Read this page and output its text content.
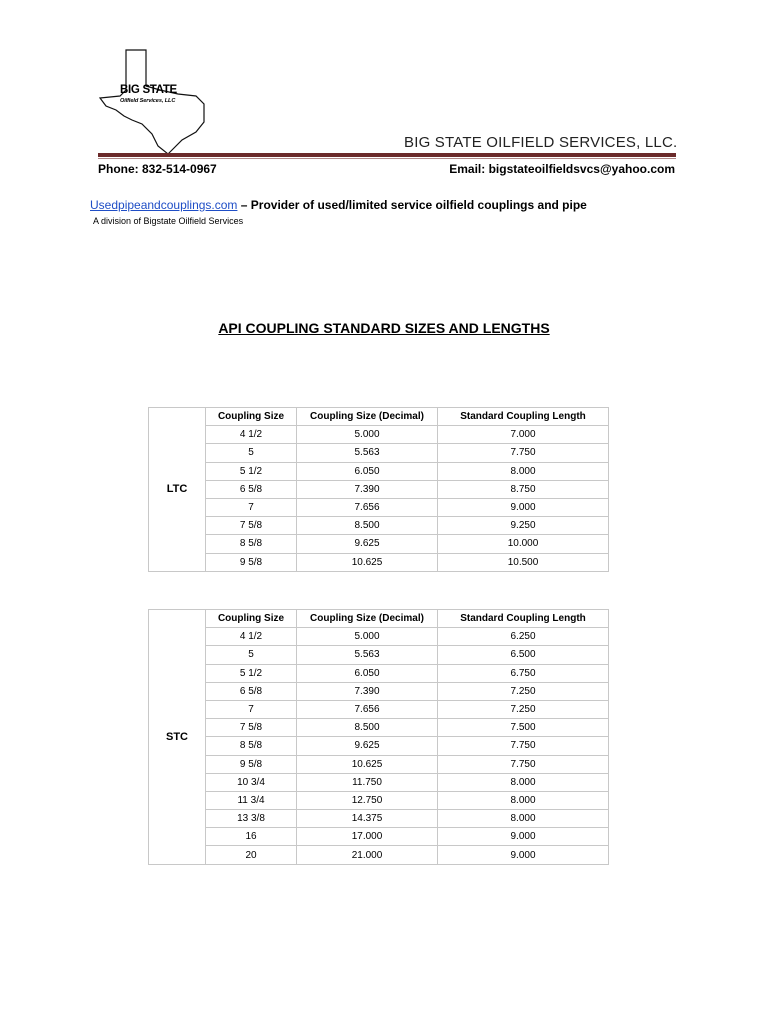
BIG STATE
Oilfield Services, LLC
BIG STATE OILFIELD SERVICES, LLC.
Phone: 832-514-0967	Email: bigstateoilfieldsvcs@yahoo.com
Usedpipeandcouplings.com – Provider of used/limited service oilfield couplings and pipe
A division of Bigstate Oilfield Services
API COUPLING STANDARD SIZES AND LENGTHS
LTC	Coupling Size	Coupling Size (Decimal)	Standard Coupling Length
	4 1/2	5.000	7.000
	5	5.563	7.750
	5 1/2	6.050	8.000
	6 5/8	7.390	8.750
	7	7.656	9.000
	7 5/8	8.500	9.250
	8 5/8	9.625	10.000
	9 5/8	10.625	10.500
STC	Coupling Size	Coupling Size (Decimal)	Standard Coupling Length
	4 1/2	5.000	6.250
	5	5.563	6.500
	5 1/2	6.050	6.750
	6 5/8	7.390	7.250
	7	7.656	7.250
	7 5/8	8.500	7.500
	8 5/8	9.625	7.750
	9 5/8	10.625	7.750
	10 3/4	11.750	8.000
	11 3/4	12.750	8.000
	13 3/8	14.375	8.000
	16	17.000	9.000
	20	21.000	9.000
